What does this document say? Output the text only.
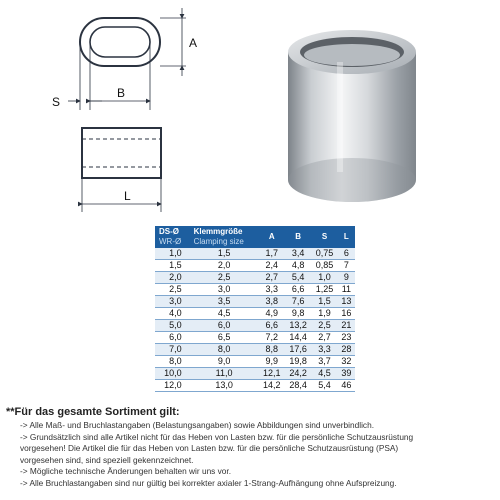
A
S
B
L
DS-Ø
WR-Ø	Klemmgröße
Clamping size	A	B	S	L
1,0	1,5	1,7	3,4	0,75	6
1,5	2,0	2,4	4,8	0,85	7
2,0	2,5	2,7	5,4	1,0	9
2,5	3,0	3,3	6,6	1,25	11
3,0	3,5	3,8	7,6	1,5	13
4,0	4,5	4,9	9,8	1,9	16
5,0	6,0	6,6	13,2	2,5	21
6,0	6,5	7,2	14,4	2,7	23
7,0	8,0	8,8	17,6	3,3	28
8,0	9,0	9,9	19,8	3,7	32
10,0	11,0	12,1	24,2	4,5	39
12,0	13,0	14,2	28,4	5,4	46
**Für das gesamte Sortiment gilt:
-> Alle Maß- und Bruchlastangaben (Belastungsangaben) sowie Abbildungen sind unverbindlich.
-> Grundsätzlich sind alle Artikel nicht für das Heben von Lasten bzw. für die persönliche Schutzausrüstung
vorgesehen! Die Artikel die für das Heben von Lasten bzw. für die persönliche Schutzausrüstung (PSA)
vorgesehen sind, sind speziell gekennzeichnet.
-> Mögliche technische Änderungen behalten wir uns vor.
-> Alle Bruchlastangaben sind nur gültig bei korrekter axialer 1-Strang-Aufhängung ohne Aufspreizung.
